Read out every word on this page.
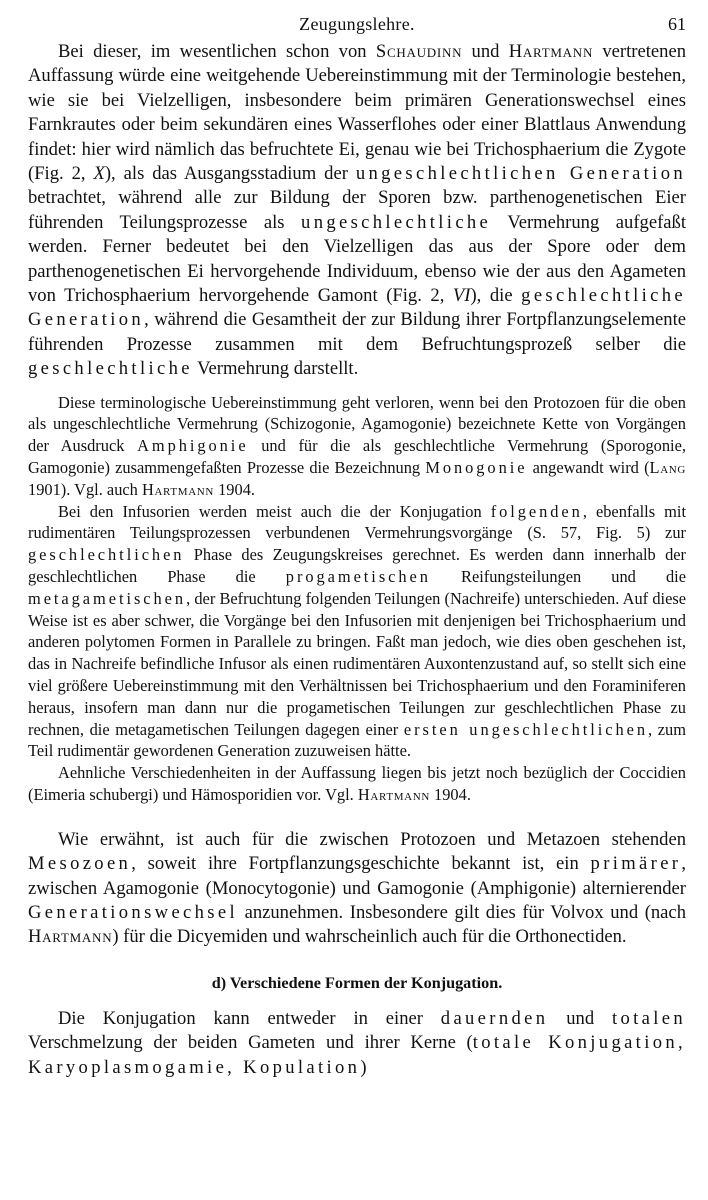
Zeugungslehre.	61

Bei dieser, im wesentlichen schon von Schaudinn und Hartmann vertretenen Auffassung würde eine weitgehende Uebereinstimmung mit der Terminologie bestehen, wie sie bei Vielzelligen, insbesondere beim primären Generationswechsel eines Farnkrautes oder beim sekundären eines Wasserflohes oder einer Blattlaus Anwendung findet: hier wird nämlich das befruchtete Ei, genau wie bei Trichosphaerium die Zygote (Fig. 2, X), als das Ausgangsstadium der ungeschlechtlichen Generation betrachtet, während alle zur Bildung der Sporen bzw. parthenogenetischen Eier führenden Teilungsprozesse als ungeschlechtliche Vermehrung aufgefaßt werden. Ferner bedeutet bei den Vielzelligen das aus der Spore oder dem parthenogenetischen Ei hervorgehende Individuum, ebenso wie der aus den Agameten von Trichosphaerium hervorgehende Gamont (Fig. 2, VI), die geschlechtliche Generation, während die Gesamtheit der zur Bildung ihrer Fortpflanzungselemente führenden Prozesse zusammen mit dem Befruchtungsprozeß selber die geschlechtliche Vermehrung darstellt.

Diese terminologische Uebereinstimmung geht verloren, wenn bei den Protozoen für die oben als ungeschlechtliche Vermehrung (Schizogonie, Agamogonie) bezeichnete Kette von Vorgängen der Ausdruck Amphigonie und für die als geschlechtliche Vermehrung (Sporogonie, Gamogonie) zusammengefaßten Prozesse die Bezeichnung Monogonie angewandt wird (Lang 1901). Vgl. auch Hartmann 1904.

Bei den Infusorien werden meist auch die der Konjugation folgenden, ebenfalls mit rudimentären Teilungsprozessen verbundenen Vermehrungsvorgänge (S. 57, Fig. 5) zur geschlechtlichen Phase des Zeugungskreises gerechnet. Es werden dann innerhalb der geschlechtlichen Phase die progametischen Reifungsteilungen und die metagametischen, der Befruchtung folgenden Teilungen (Nachreife) unterschieden. Auf diese Weise ist es aber schwer, die Vorgänge bei den Infusorien mit denjenigen bei Trichosphaerium und anderen polytomen Formen in Parallele zu bringen. Faßt man jedoch, wie dies oben geschehen ist, das in Nachreife befindliche Infusor als einen rudimentären Auxontenzustand auf, so stellt sich eine viel größere Uebereinstimmung mit den Verhältnissen bei Trichosphaerium und den Foraminiferen heraus, insofern man dann nur die progametischen Teilungen zur geschlechtlichen Phase zu rechnen, die metagametischen Teilungen dagegen einer ersten ungeschlechtlichen, zum Teil rudimentär gewordenen Generation zuzuweisen hätte.

Aehnliche Verschiedenheiten in der Auffassung liegen bis jetzt noch bezüglich der Coccidien (Eimeria schubergi) und Hämosporidien vor. Vgl. Hartmann 1904.

Wie erwähnt, ist auch für die zwischen Protozoen und Metazoen stehenden Mesozoen, soweit ihre Fortpflanzungsgeschichte bekannt ist, ein primärer, zwischen Agamogonie (Monocytogonie) und Gamogonie (Amphigonie) alternierender Generationswechsel anzunehmen. Insbesondere gilt dies für Volvox und (nach Hartmann) für die Dicyemiden und wahrscheinlich auch für die Orthonectiden.

d) Verschiedene Formen der Konjugation.

Die Konjugation kann entweder in einer dauernden und totalen Verschmelzung der beiden Gameten und ihrer Kerne (totale Konjugation, Karyoplasmogamie, Kopulation)
